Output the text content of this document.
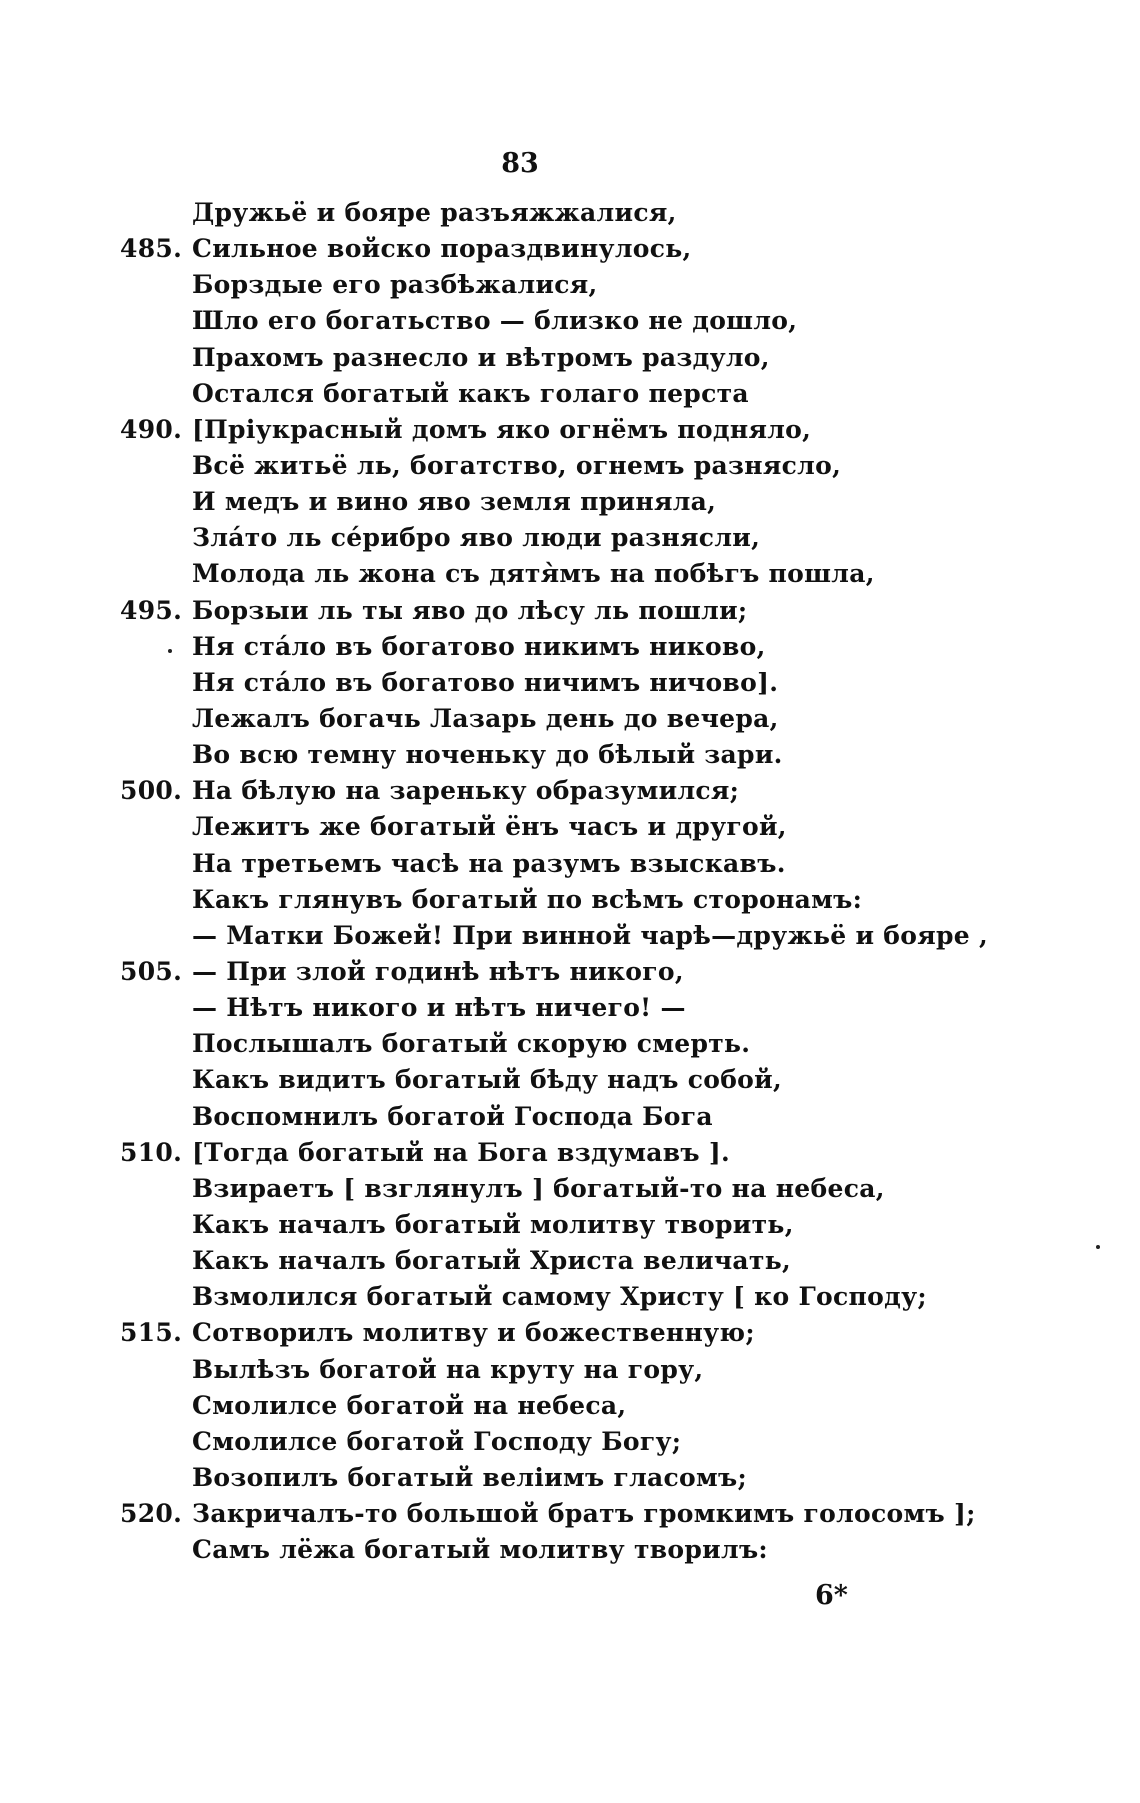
83
Дружьё и бояре разъяжжалися,
485. Сильное войско пораздвинулось,
Борздые его разбѣжалися,
Шло его богатьство — близко не дошло,
Прахомъ разнесло и вѣтромъ раздуло,
Остался богатый какъ голаго перста
490. [Пріукрасный домъ яко огнёмъ подняло,
Всё житьё ль, богатство, огнемъ разнясло,
И медъ и вино яво земля приняла,
Злáто ль сéрибро яво люди разнясли,
Молода ль жона съ дятя̀мъ на побѣгъ пошла,
495. Борзыи ль ты яво до лѣсу ль пошли;
Ня стáло въ богатово никимъ никово,
Ня стáло въ богатово ничимъ ничово].
Лежалъ богачь Лазарь день до вечера,
Во всю темну ноченьку до бѣлый зари.
500. На бѣлую на зареньку образумился;
Лежитъ же богатый ёнъ часъ и другой,
На третьемъ часѣ на разумъ взыскавъ.
Какъ глянувъ богатый по всѣмъ сторонамъ:
— Матки Божей! При винной чарѣ—дружьё и бояре ,
505. — При злой годинѣ нѣтъ никого,
— Нѣтъ никого и нѣтъ ничего! —
Послышалъ богатый скорую смерть.
Какъ видитъ богатый бѣду надъ собой,
Воспомнилъ богатой Господа Бога
510. [Тогда богатый на Бога вздумавъ ].
Взираетъ [ взглянулъ ] богатый-то на небеса,
Какъ началъ богатый молитву творить,
Какъ началъ богатый Христа величать,
Взмолился богатый самому Христу [ ко Господу;
515. Сотворилъ молитву и божественную;
Вылѣзъ богатой на круту на гору,
Смолилсе богатой на небеса,
Смолилсе богатой Господу Богу;
Возопилъ богатый велiимъ гласомъ;
520. Закричалъ-то большой братъ громкимъ голосомъ ];
Самъ лёжа богатый молитву творилъ:
6*
